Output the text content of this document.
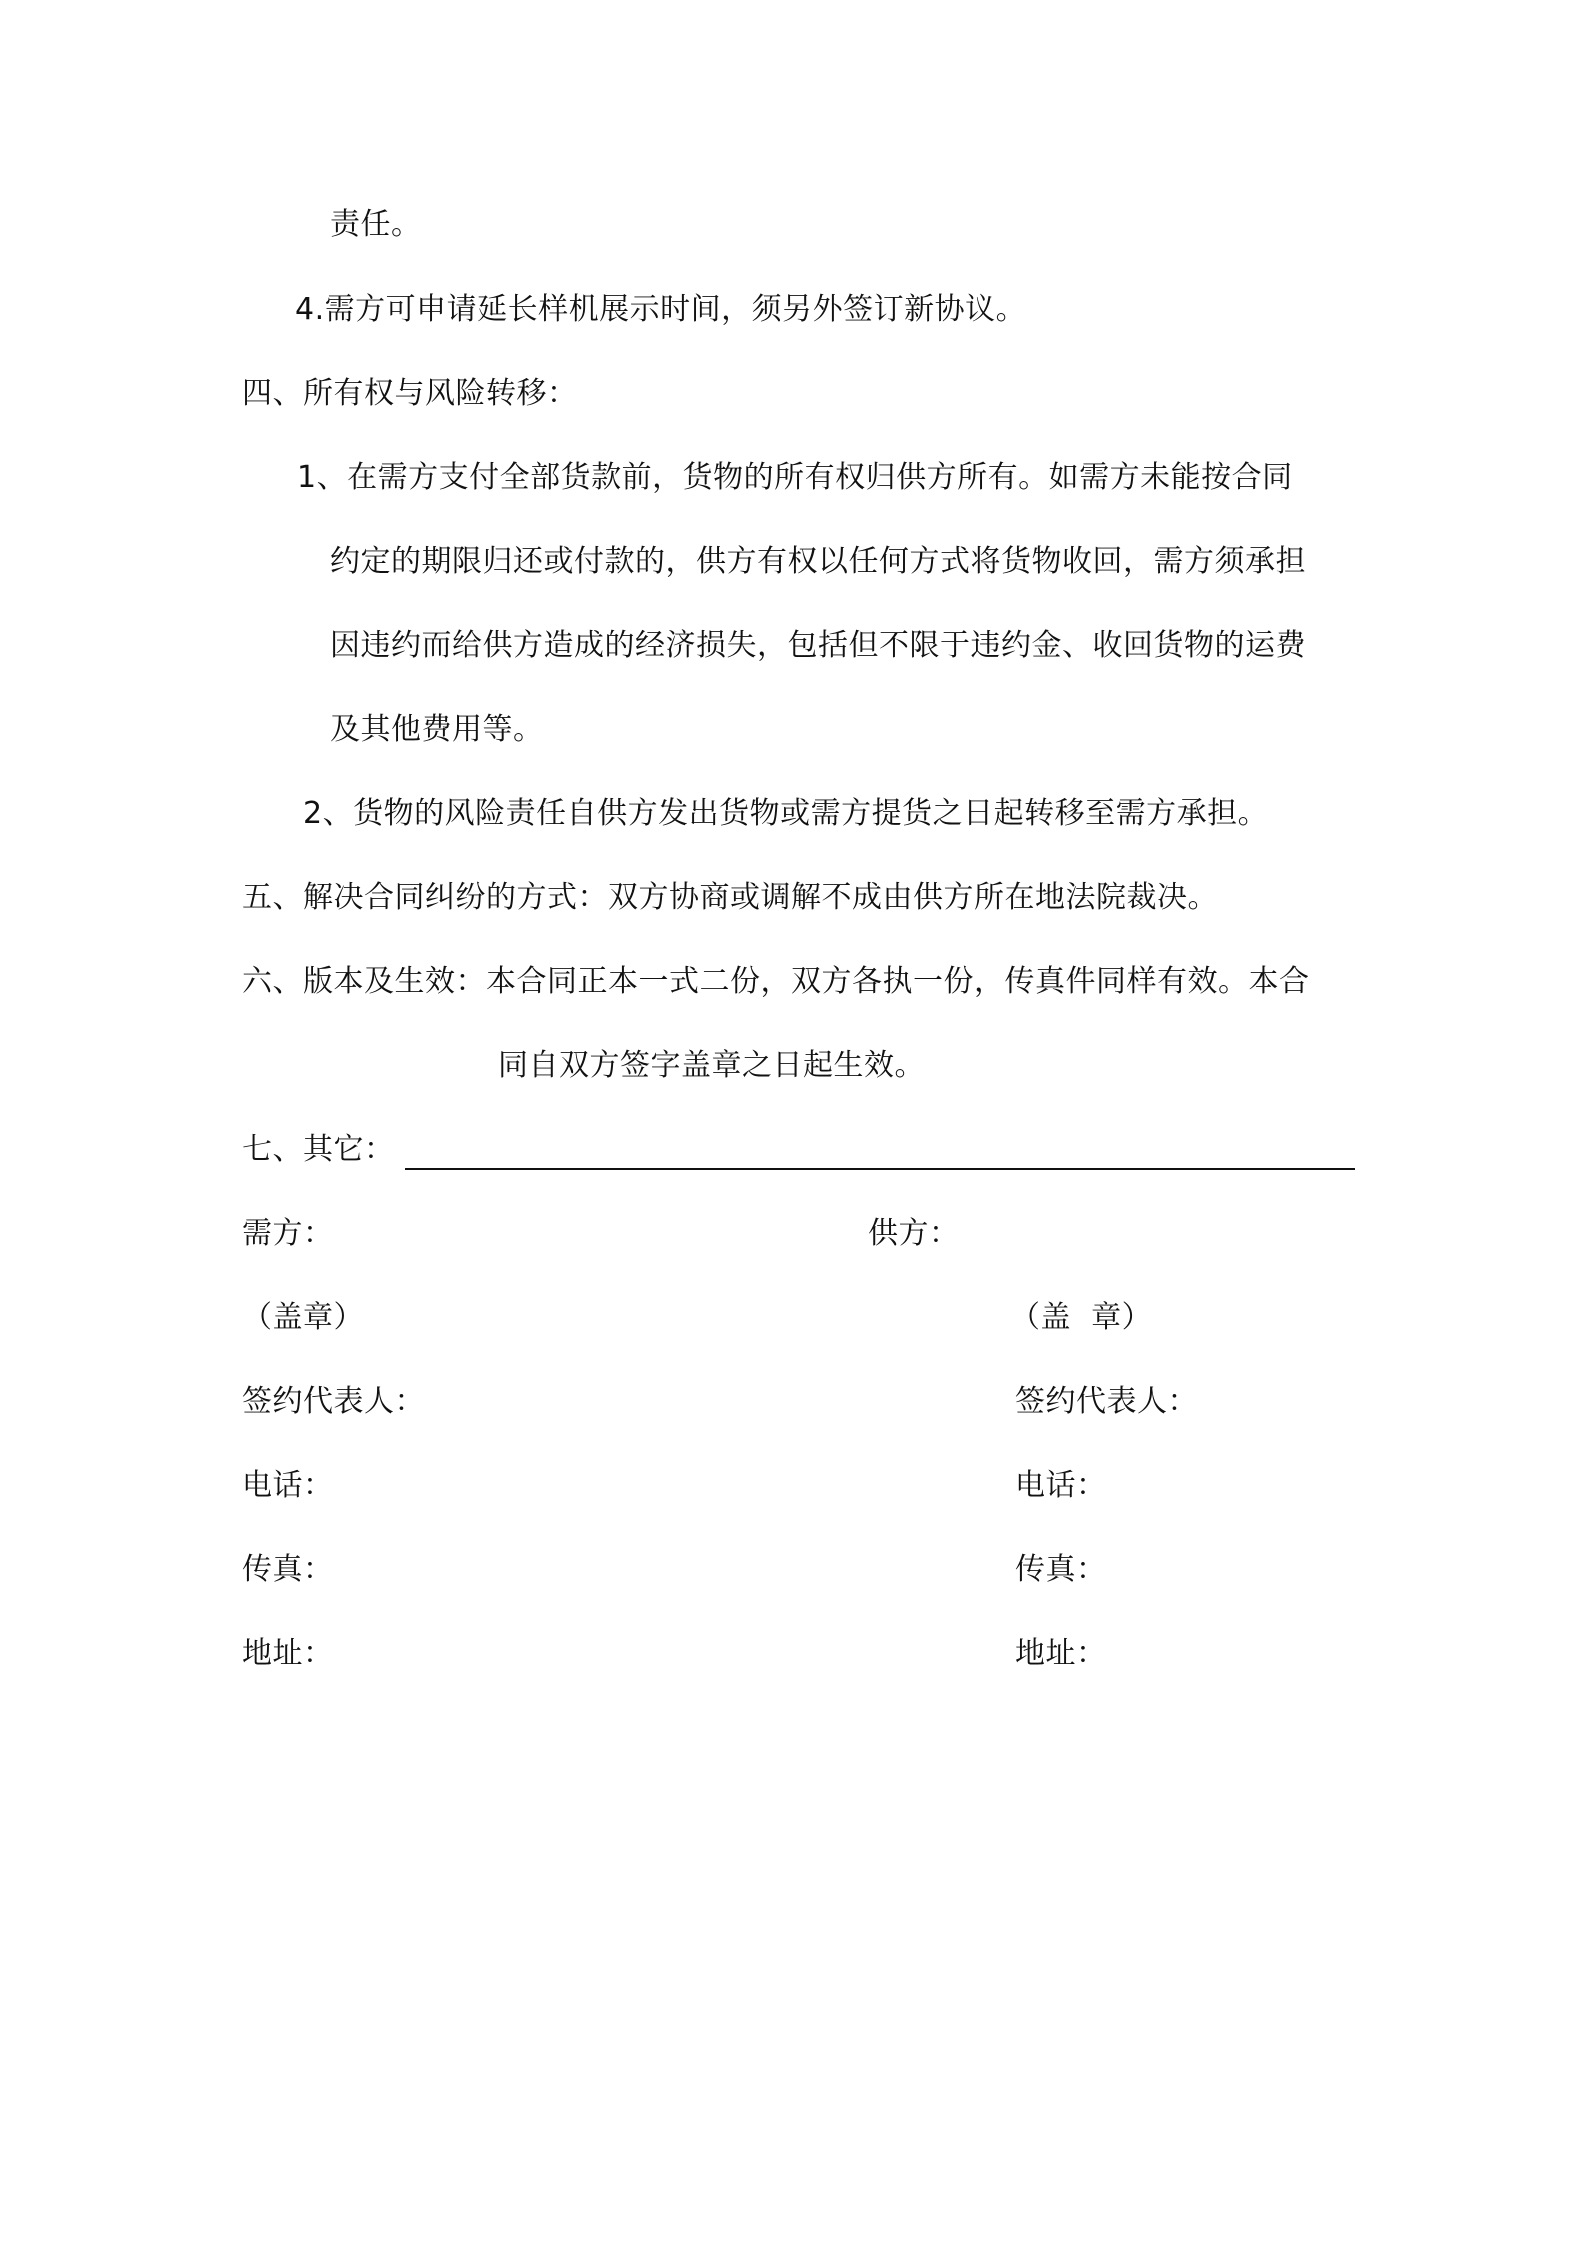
责任。
4.需方可申请延长样机展示时间，须另外签订新协议。
四、所有权与风险转移：
1、在需方支付全部货款前，货物的所有权归供方所有。如需方未能按合同
约定的期限归还或付款的，供方有权以任何方式将货物收回，需方须承担
因违约而给供方造成的经济损失，包括但不限于违约金、收回货物的运费
及其他费用等。
2、货物的风险责任自供方发出货物或需方提货之日起转移至需方承担。
五、解决合同纠纷的方式：双方协商或调解不成由供方所在地法院裁决。
六、版本及生效：本合同正本一式二份，双方各执一份，传真件同样有效。本合
同自双方签字盖章之日起生效。
七、其它：
需方：
（盖章）
签约代表人：
电话：
传真：
地址：
供方：
（盖  章）
签约代表人：
电话：
传真：
地址：
